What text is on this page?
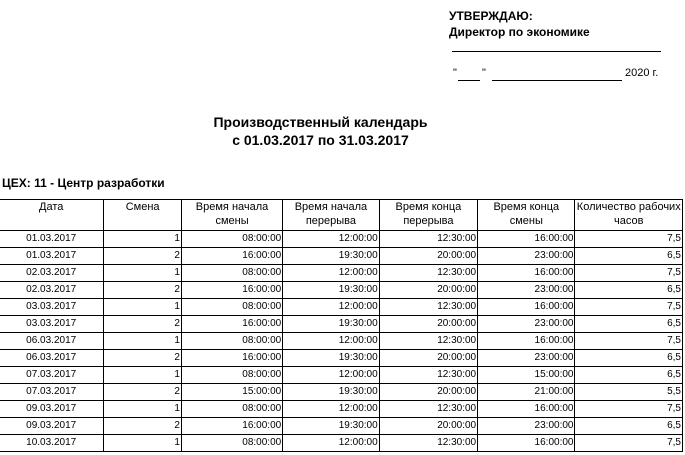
УТВЕРЖДАЮ:
Директор по экономике
" "	2020 г.
Производственный календарь
с 01.03.2017 по 31.03.2017
ЦЕХ: 11 - Центр разработки
Дата	Смена	Время начала смены	Время начала перерыва	Время конца перерыва	Время конца смены	Количество рабочих часов
01.03.2017	1	08:00:00	12:00:00	12:30:00	16:00:00	7,5
01.03.2017	2	16:00:00	19:30:00	20:00:00	23:00:00	6,5
02.03.2017	1	08:00:00	12:00:00	12:30:00	16:00:00	7,5
02.03.2017	2	16:00:00	19:30:00	20:00:00	23:00:00	6,5
03.03.2017	1	08:00:00	12:00:00	12:30:00	16:00:00	7,5
03.03.2017	2	16:00:00	19:30:00	20:00:00	23:00:00	6,5
06.03.2017	1	08:00:00	12:00:00	12:30:00	16:00:00	7,5
06.03.2017	2	16:00:00	19:30:00	20:00:00	23:00:00	6,5
07.03.2017	1	08:00:00	12:00:00	12:30:00	15:00:00	6,5
07.03.2017	2	15:00:00	19:30:00	20:00:00	21:00:00	5,5
09.03.2017	1	08:00:00	12:00:00	12:30:00	16:00:00	7,5
09.03.2017	2	16:00:00	19:30:00	20:00:00	23:00:00	6,5
10.03.2017	1	08:00:00	12:00:00	12:30:00	16:00:00	7,5
